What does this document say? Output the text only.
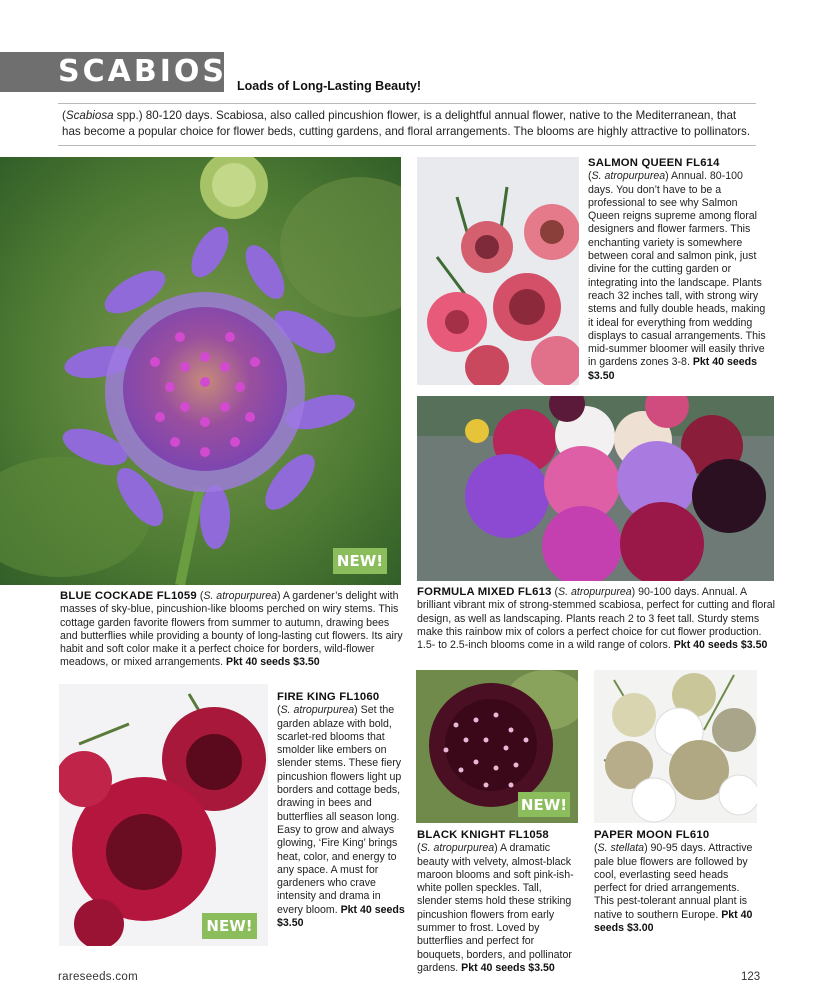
SCABIOSA
Loads of Long-Lasting Beauty!

(Scabiosa spp.) 80-120 days. Scabiosa, also called pincushion flower, is a delightful annual flower, native to the Mediterranean, that has become a popular choice for flower beds, cutting gardens, and floral arrangements. The blooms are highly attractive to pollinators.

NEW!
SALMON QUEEN FL614
(S. atropurpurea) Annual. 80-100 days. You don’t have to be a professional to see why Salmon Queen reigns supreme among floral designers and flower farmers. This enchanting variety is somewhere between coral and salmon pink, just divine for the cutting garden or integrating into the landscape. Plants reach 32 inches tall, with strong wiry stems and fully double heads, making it ideal for everything from wedding displays to casual arrangements. This mid-summer bloomer will easily thrive in gardens zones 3-8. Pkt 40 seeds $3.50
BLUE COCKADE FL1059 (S. atropurpurea) A gardener’s delight with masses of sky-blue, pincushion-like blooms perched on wiry stems. This cottage garden favorite flowers from summer to autumn, drawing bees and butterflies while providing a bounty of long-lasting cut flowers. Its airy habit and soft color make it a perfect choice for borders, wild-flower meadows, or mixed arrangements. Pkt 40 seeds $3.50
FORMULA MIXED FL613 (S. atropurpurea) 90-100 days. Annual. A brilliant vibrant mix of strong-stemmed scabiosa, perfect for cutting and floral design, as well as landscaping. Plants reach 2 to 3 feet tall. Sturdy stems make this rainbow mix of colors a perfect choice for cut flower production. 1.5- to 2.5-inch blooms come in a wild range of colors. Pkt 40 seeds $3.50
NEW!
FIRE KING FL1060
(S. atropurpurea) Set the garden ablaze with bold, scarlet-red blooms that smolder like embers on slender stems. These fiery pincushion flowers light up borders and cottage beds, drawing in bees and butterflies all season long. Easy to grow and always glowing, ‘Fire King’ brings heat, color, and energy to any space. A must for gardeners who crave intensity and drama in every bloom. Pkt 40 seeds $3.50
NEW!
BLACK KNIGHT FL1058
(S. atropurpurea) A dramatic beauty with velvety, almost-black maroon blooms and soft pink-ish-white pollen speckles. Tall, slender stems hold these striking pincushion flowers from early summer to frost. Loved by butterflies and perfect for bouquets, borders, and pollinator gardens. Pkt 40 seeds $3.50
PAPER MOON FL610
(S. stellata) 90-95 days. Attractive pale blue flowers are followed by cool, everlasting seed heads perfect for dried arrangements. This pest-tolerant annual plant is native to southern Europe. Pkt 40 seeds $3.00
rareseeds.com	123
